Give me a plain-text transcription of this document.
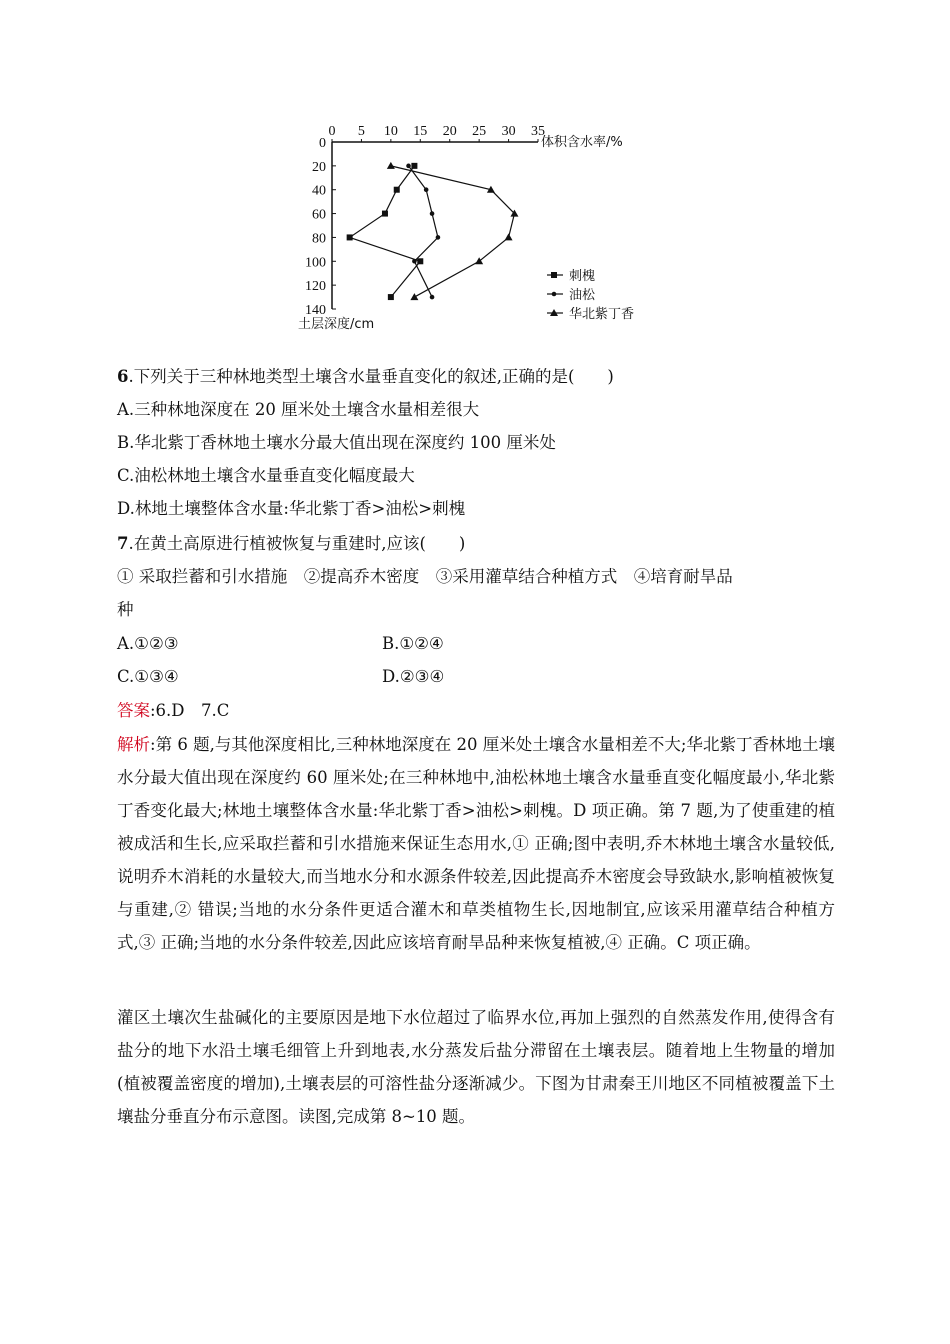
0 5 10 15 20 25 30 35
0
20
40
60
80
100
120
140
体积含水率/%
土层深度/cm
刺槐
油松
华北紫丁香
6.下列关于三种林地类型土壤含水量垂直变化的叙述,正确的是(　　)
A.三种林地深度在 20 厘米处土壤含水量相差很大
B.华北紫丁香林地土壤水分最大值出现在深度约 100 厘米处
C.油松林地土壤含水量垂直变化幅度最大
D.林地土壤整体含水量:华北紫丁香>油松>刺槐
7.在黄土高原进行植被恢复与重建时,应该(　　)
① 采取拦蓄和引水措施　②提高乔木密度　③采用灌草结合种植方式　④培育耐旱品
种
A.①②③	B.①②④
C.①③④	D.②③④
答案:6.D　7.C
解析:第 6 题,与其他深度相比,三种林地深度在 20 厘米处土壤含水量相差不大;华北紫丁香林地土壤水分最大值出现在深度约 60 厘米处;在三种林地中,油松林地土壤含水量垂直变化幅度最小,华北紫丁香变化最大;林地土壤整体含水量:华北紫丁香>油松>刺槐。D 项正确。第 7 题,为了使重建的植被成活和生长,应采取拦蓄和引水措施来保证生态用水,① 正确;图中表明,乔木林地土壤含水量较低,说明乔木消耗的水量较大,而当地水分和水源条件较差,因此提高乔木密度会导致缺水,影响植被恢复与重建,② 错误;当地的水分条件更适合灌木和草类植物生长,因地制宜,应该采用灌草结合种植方式,③ 正确;当地的水分条件较差,因此应该培育耐旱品种来恢复植被,④ 正确。C 项正确。
灌区土壤次生盐碱化的主要原因是地下水位超过了临界水位,再加上强烈的自然蒸发作用,使得含有盐分的地下水沿土壤毛细管上升到地表,水分蒸发后盐分滞留在土壤表层。随着地上生物量的增加(植被覆盖密度的增加),土壤表层的可溶性盐分逐渐减少。下图为甘肃秦王川地区不同植被覆盖下土壤盐分垂直分布示意图。读图,完成第 8~10 题。
